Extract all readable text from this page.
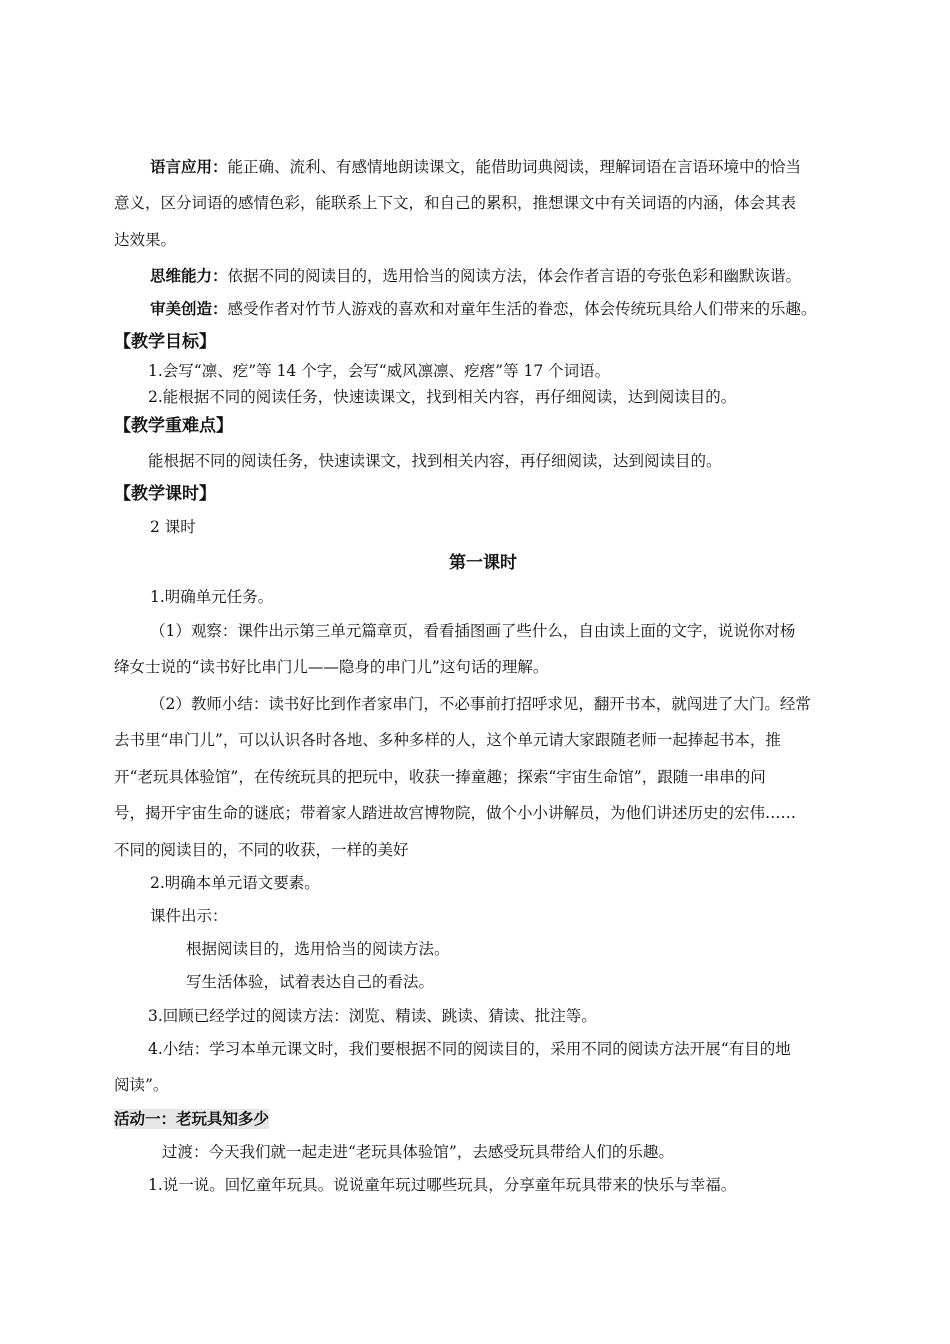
语言应用：能正确、流利、有感情地朗读课文，能借助词典阅读，理解词语在言语环境中的恰当
意义，区分词语的感情色彩，能联系上下文，和自己的累积，推想课文中有关词语的内涵，体会其表
达效果。
思维能力：依据不同的阅读目的，选用恰当的阅读方法，体会作者言语的夸张色彩和幽默诙谐。
审美创造：感受作者对竹节人游戏的喜欢和对童年生活的眷恋，体会传统玩具给人们带来的乐趣。
【教学目标】
1.会写“凛、疙”等 14 个字，会写“威风凛凛、疙瘩”等 17 个词语。
2.能根据不同的阅读任务，快速读课文，找到相关内容，再仔细阅读，达到阅读目的。
【教学重难点】
能根据不同的阅读任务，快速读课文，找到相关内容，再仔细阅读，达到阅读目的。
【教学课时】
2 课时
第一课时
1.明确单元任务。
（1）观察：课件出示第三单元篇章页，看看插图画了些什么，自由读上面的文字，说说你对杨
绛女士说的“读书好比串门儿——隐身的串门儿”这句话的理解。
（2）教师小结：读书好比到作者家串门，不必事前打招呼求见，翻开书本，就闯进了大门。经常
去书里“串门儿”，可以认识各时各地、多种多样的人，这个单元请大家跟随老师一起捧起书本，推
开“老玩具体验馆”，在传统玩具的把玩中，收获一捧童趣；探索“宇宙生命馆”，跟随一串串的问
号，揭开宇宙生命的谜底；带着家人踏进故宫博物院，做个小小讲解员，为他们讲述历史的宏伟……
不同的阅读目的，不同的收获，一样的美好
2.明确本单元语文要素。
课件出示：
根据阅读目的，选用恰当的阅读方法。
写生活体验，试着表达自己的看法。
3.回顾已经学过的阅读方法：浏览、精读、跳读、猜读、批注等。
4.小结：学习本单元课文时，我们要根据不同的阅读目的，采用不同的阅读方法开展“有目的地
阅读”。
活动一：老玩具知多少
过渡：今天我们就一起走进“老玩具体验馆”，去感受玩具带给人们的乐趣。
1.说一说。回忆童年玩具。说说童年玩过哪些玩具，分享童年玩具带来的快乐与幸福。
